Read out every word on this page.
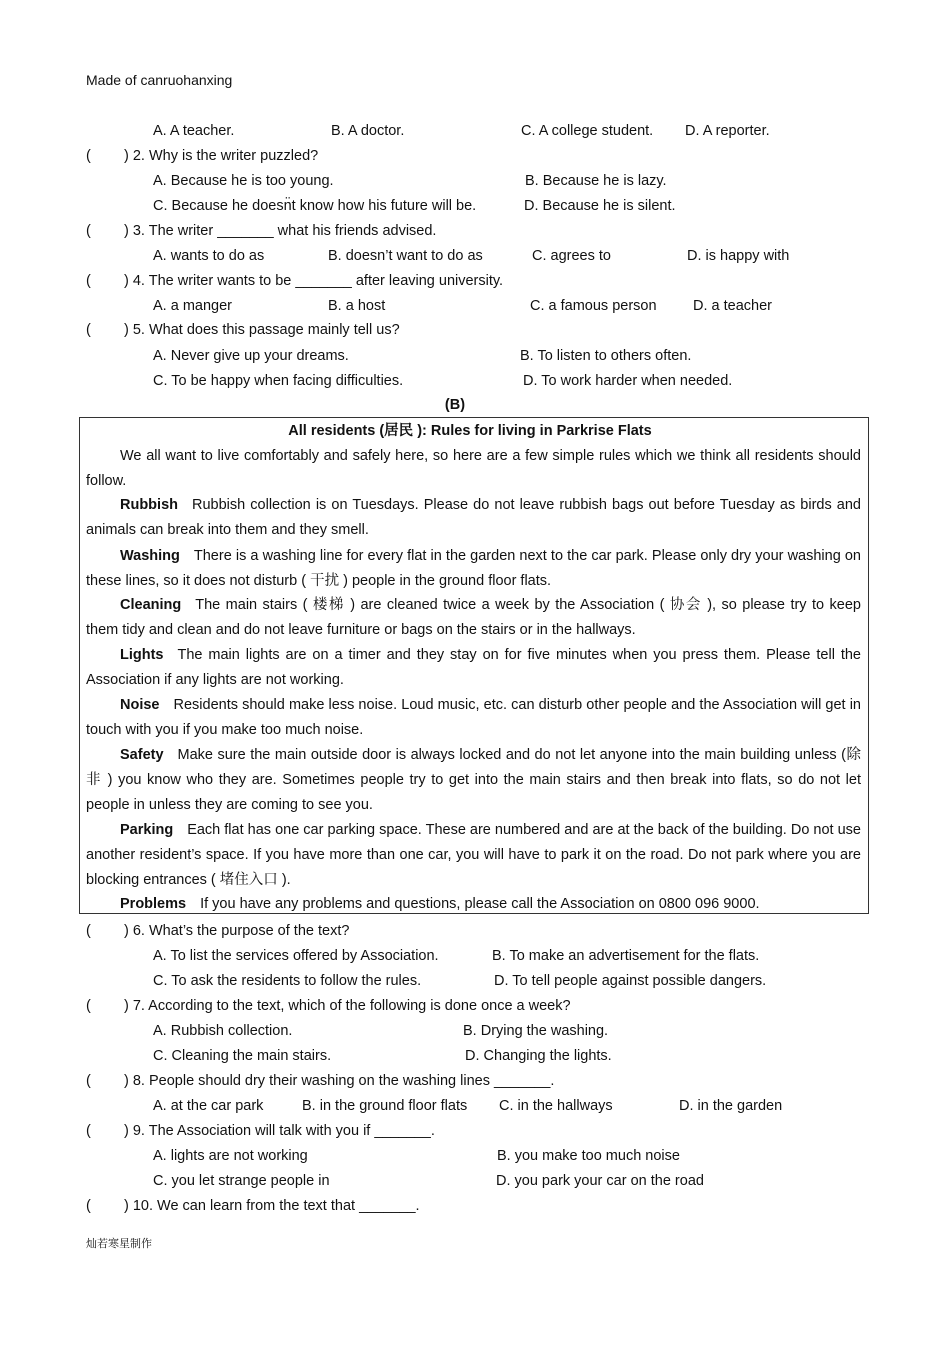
Made of canruohanxing
A. A teacher.	B. A doctor.	C. A college student. D. A reporter.
( ) 2. Why is the writer puzzled?
A. Because he is too young.	B. Because he is lazy.
C. Because he doesn̈t know how his future will be.	D. Because he is silent.
( ) 3. The writer _______ what his friends advised.
A. wants to do as	B. doesn’t want to do as	C. agrees to	D. is happy with
( ) 4. The writer wants to be _______ after leaving university.
A. a manger	B. a host	C. a famous person	D. a teacher
( ) 5. What does this passage mainly tell us?
A. Never give up your dreams.	B. To listen to others often.
C. To be happy when facing difficulties.	D. To work harder when needed.
(B)
All residents (居民 ): Rules for living in Parkrise Flats
We all want to live comfortably and safely here, so here are a few simple rules which we think all residents should follow.
Rubbish Rubbish collection is on Tuesdays. Please do not leave rubbish bags out before Tuesday as birds and animals can break into them and they smell.
Washing There is a washing line for every flat in the garden next to the car park. Please only dry your washing on these lines, so it does not disturb ( 干扰 ) people in the ground floor flats.
Cleaning The main stairs ( 楼梯 ) are cleaned twice a week by the Association ( 协会 ), so please try to keep them tidy and clean and do not leave furniture or bags on the stairs or in the hallways.
Lights The main lights are on a timer and they stay on for five minutes when you press them. Please tell the Association if any lights are not working.
Noise Residents should make less noise. Loud music, etc. can disturb other people and the Association will get in touch with you if you make too much noise.
Safety Make sure the main outside door is always locked and do not let anyone into the main building unless (除非 ) you know who they are. Sometimes people try to get into the main stairs and then break into flats, so do not let people in unless they are coming to see you.
Parking Each flat has one car parking space. These are numbered and are at the back of the building. Do not use another resident’s space. If you have more than one car, you will have to park it on the road. Do not park where you are blocking entrances ( 堵住入口 ).
Problems If you have any problems and questions, please call the Association on 0800 096 9000.
( ) 6. What’s the purpose of the text?
A. To list the services offered by Association.	B. To make an advertisement for the flats.
C. To ask the residents to follow the rules.	D. To tell people against possible dangers.
( ) 7. According to the text, which of the following is done once a week?
A. Rubbish collection.	B. Drying the washing.
C. Cleaning the main stairs.	D. Changing the lights.
( ) 8. People should dry their washing on the washing lines _______.
A. at the car park	B. in the ground floor flats C. in the hallways	D. in the garden
( ) 9. The Association will talk with you if _______.
A. lights are not working	B. you make too much noise
C. you let strange people in	D. you park your car on the road
( ) 10. We can learn from the text that _______.
灿若寒星制作
